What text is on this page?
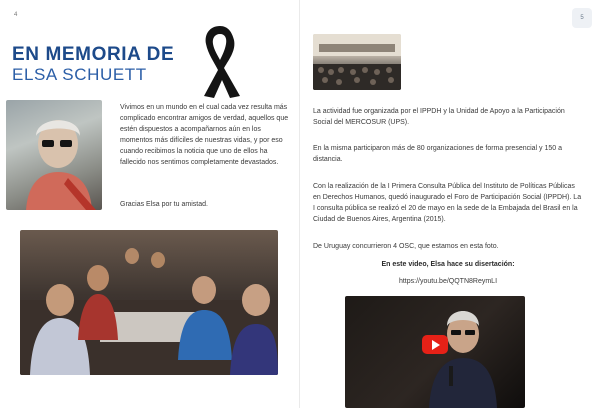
4
EN MEMORIA DE
ELSA SCHUETT
Vivimos en un mundo en el cual cada vez resulta más complicado encontrar amigos de verdad, aquellos que estén dispuestos a acompañarnos aún en los momentos más difíciles de nuestras vidas, y por eso cuando recibimos la noticia que uno de ellos ha fallecido nos sentimos completamente devastados.
Gracias Elsa por tu amistad.
5
La actividad fue organizada por el IPPDH y la Unidad de Apoyo a la Participación Social del MERCOSUR (UPS).
En la misma participaron más de 80 organizaciones de forma presencial y 150 a distancia.
Con la realización de la I Primera Consulta Pública del Instituto de Políticas Públicas en Derechos Humanos, quedó inaugurado el Foro de Participación Social (IPPDH). La I consulta pública se realizó el 20 de mayo en la sede de la Embajada del Brasil en la Ciudad de Buenos Aires, Argentina (2015).
De Uruguay concurrieron 4 OSC, que estamos en esta foto.
En este video, Elsa hace su disertación:
https://youtu.be/QQTN8ReymLI
